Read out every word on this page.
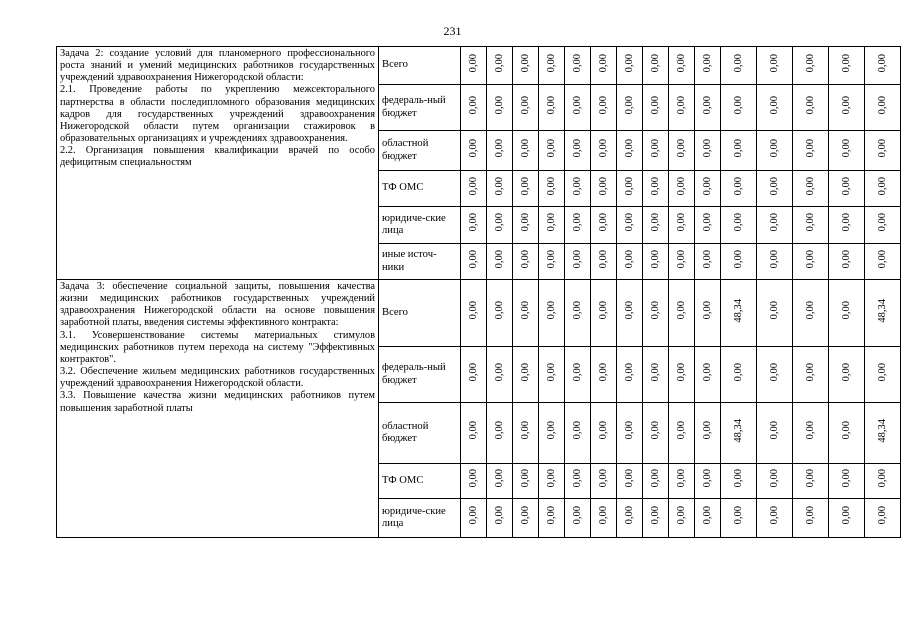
231
Задача 2: создание условий для планомерного профессионального роста знаний и умений медицинских работников государственных учреждений здравоохранения Нижегородской области:
2.1. Проведение работы по укреплению межсекторального партнерства в области последипломного образования медицинских кадров для государственных учреждений здравоохранения Нижегородской области путем организации стажировок в образовательных организациях и учреждениях здравоохранения.
2.2. Организация повышения квалификации врачей по особо дефицитным специальностям	Всего	0,00	0,00	0,00	0,00	0,00	0,00	0,00	0,00	0,00	0,00	0,00	0,00	0,00	0,00	0,00
	федераль-ный бюджет	0,00	0,00	0,00	0,00	0,00	0,00	0,00	0,00	0,00	0,00	0,00	0,00	0,00	0,00	0,00
	областной бюджет	0,00	0,00	0,00	0,00	0,00	0,00	0,00	0,00	0,00	0,00	0,00	0,00	0,00	0,00	0,00
	ТФ ОМС	0,00	0,00	0,00	0,00	0,00	0,00	0,00	0,00	0,00	0,00	0,00	0,00	0,00	0,00	0,00
	юридиче-ские лица	0,00	0,00	0,00	0,00	0,00	0,00	0,00	0,00	0,00	0,00	0,00	0,00	0,00	0,00	0,00
	иные источ-ники	0,00	0,00	0,00	0,00	0,00	0,00	0,00	0,00	0,00	0,00	0,00	0,00	0,00	0,00	0,00

Задача 3: обеспечение социальной защиты, повышения качества жизни медицинских работников государственных учреждений здравоохранения Нижегородской области на основе повышения заработной платы, введения системы эффективного контракта:
3.1. Усовершенствование системы материальных стимулов медицинских работников путем перехода на систему "Эффективных контрактов".
3.2. Обеспечение жильем медицинских работников государственных учреждений здравоохранения Нижегородской области.
3.3. Повышение качества жизни медицинских работников путем повышения заработной платы	Всего	0,00	0,00	0,00	0,00	0,00	0,00	0,00	0,00	0,00	0,00	48,34	0,00	0,00	0,00	48,34
	федераль-ный бюджет	0,00	0,00	0,00	0,00	0,00	0,00	0,00	0,00	0,00	0,00	0,00	0,00	0,00	0,00	0,00
	областной бюджет	0,00	0,00	0,00	0,00	0,00	0,00	0,00	0,00	0,00	0,00	48,34	0,00	0,00	0,00	48,34
	ТФ ОМС	0,00	0,00	0,00	0,00	0,00	0,00	0,00	0,00	0,00	0,00	0,00	0,00	0,00	0,00	0,00
	юридиче-ские лица	0,00	0,00	0,00	0,00	0,00	0,00	0,00	0,00	0,00	0,00	0,00	0,00	0,00	0,00	0,00
